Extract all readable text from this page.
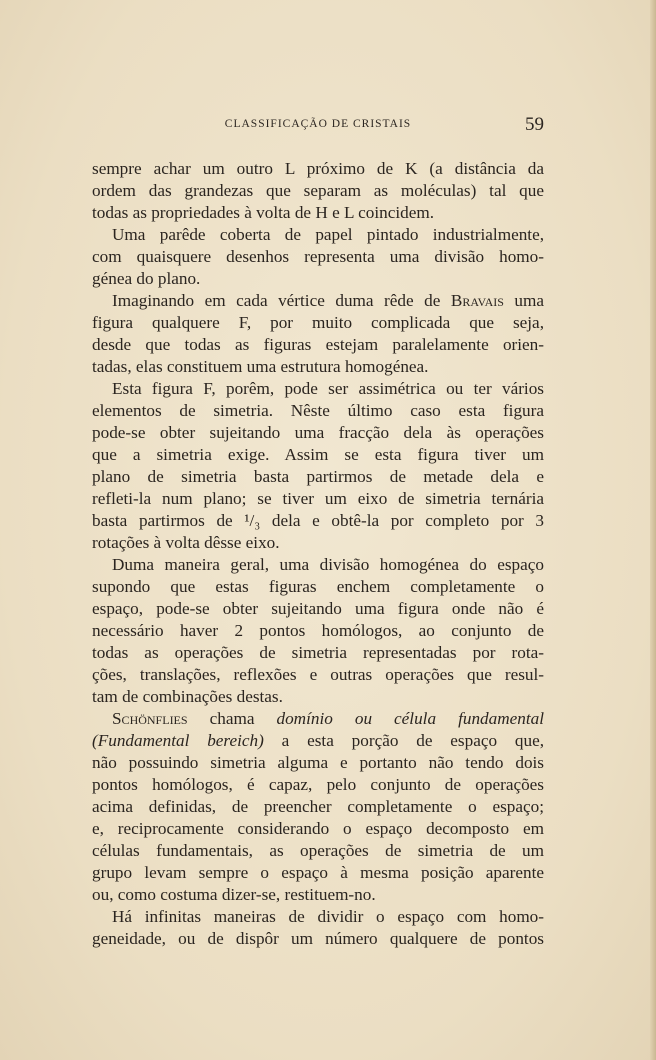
CLASSIFICAÇÃO DE CRISTAIS	59
sempre achar um outro L próximo de K (a distância da
ordem das grandezas que separam as moléculas) tal que
todas as propriedades à volta de H e L coincidem.
Uma parêde coberta de papel pintado industrialmente,
com quaisquere desenhos representa uma divisão homo-
génea do plano.
Imaginando em cada vértice duma rêde de Bravais uma
figura qualquere F, por muito complicada que seja,
desde que todas as figuras estejam paralelamente orien-
tadas, elas constituem uma estrutura homogénea.
Esta figura F, porêm, pode ser assimétrica ou ter vários
elementos de simetria. Nêste último caso esta figura
pode-se obter sujeitando uma fracção dela às operações
que a simetria exige. Assim se esta figura tiver um
plano de simetria basta partirmos de metade dela e
refleti-la num plano; se tiver um eixo de simetria ternária
basta partirmos de ¹/₃ dela e obtê-la por completo por 3
rotações à volta dêsse eixo.
Duma maneira geral, uma divisão homogénea do espaço
supondo que estas figuras enchem completamente o
espaço, pode-se obter sujeitando uma figura onde não é
necessário haver 2 pontos homólogos, ao conjunto de
todas as operações de simetria representadas por rota-
ções, translações, reflexões e outras operações que resul-
tam de combinações destas.
Schönflies chama domínio ou célula fundamental
(Fundamental bereich) a esta porção de espaço que,
não possuindo simetria alguma e portanto não tendo dois
pontos homólogos, é capaz, pelo conjunto de operações
acima definidas, de preencher completamente o espaço;
e, reciprocamente considerando o espaço decomposto em
células fundamentais, as operações de simetria de um
grupo levam sempre o espaço à mesma posição aparente
ou, como costuma dizer-se, restituem-no.
Há infinitas maneiras de dividir o espaço com homo-
geneidade, ou de dispôr um número qualquere de pontos
